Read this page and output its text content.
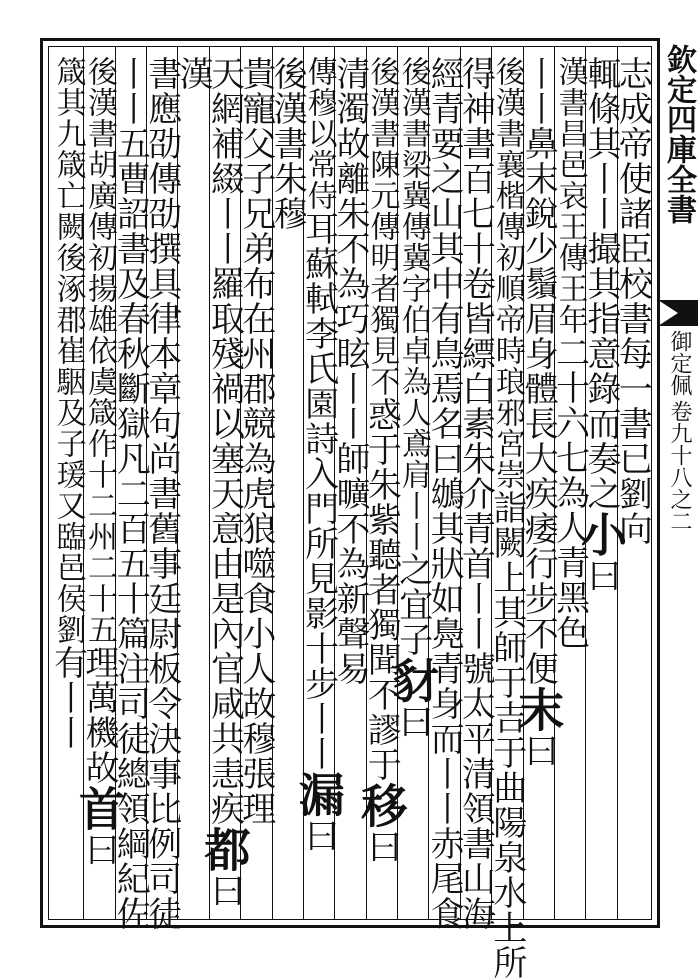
欽定四庫全書
御定佩
卷九十八之二
志成帝使諸臣校書每一書已劉向
輒條其丨丨撮其指意錄而奏之小曰
漢書昌邑哀王傳王年二十六七為人青黑色
丨丨鼻末銳少鬚眉身體長大疾痿行步不便末曰
後漢書襄楷傳初順帝時琅邪宮崇詣闕上其師于吉于曲陽泉水上所
得神書百七十卷皆縹白素朱介青首丨丨號太平清領書山海
經青要之山其中有鳥焉名曰鴢其狀如鳧青身而丨丨赤尾食
後漢書梁冀傳冀字伯卓為人鳶肩丨丨之宜子豺曰
後漢書陳元傳明者獨見不惑于朱紫聽者獨聞不謬于移曰
清濁故離朱不為巧眩丨丨師曠不為新聲易
傳穆以常侍耳蘇軾李氏園詩入門所見影十步丨丨漏曰
後漢書朱穆
貴寵父子兄弟布在州郡競為虎狼噬食小人故穆張理
天網補綴丨丨羅取殘禍以塞天意由是內官咸共恚疾都曰
漢
書應劭傳劭撰具律本章句尚書舊事廷尉板令決事比例司徒
丨丨五曹詔書及春秋斷獄凡二百五十篇注司徒總領綱紀佐
後漢書胡廣傳初揚雄依虞箴作十二州二十五理萬機故首曰
箴其九箴亡闕後涿郡崔駰及子瑗又臨邑侯劉有丨丨
